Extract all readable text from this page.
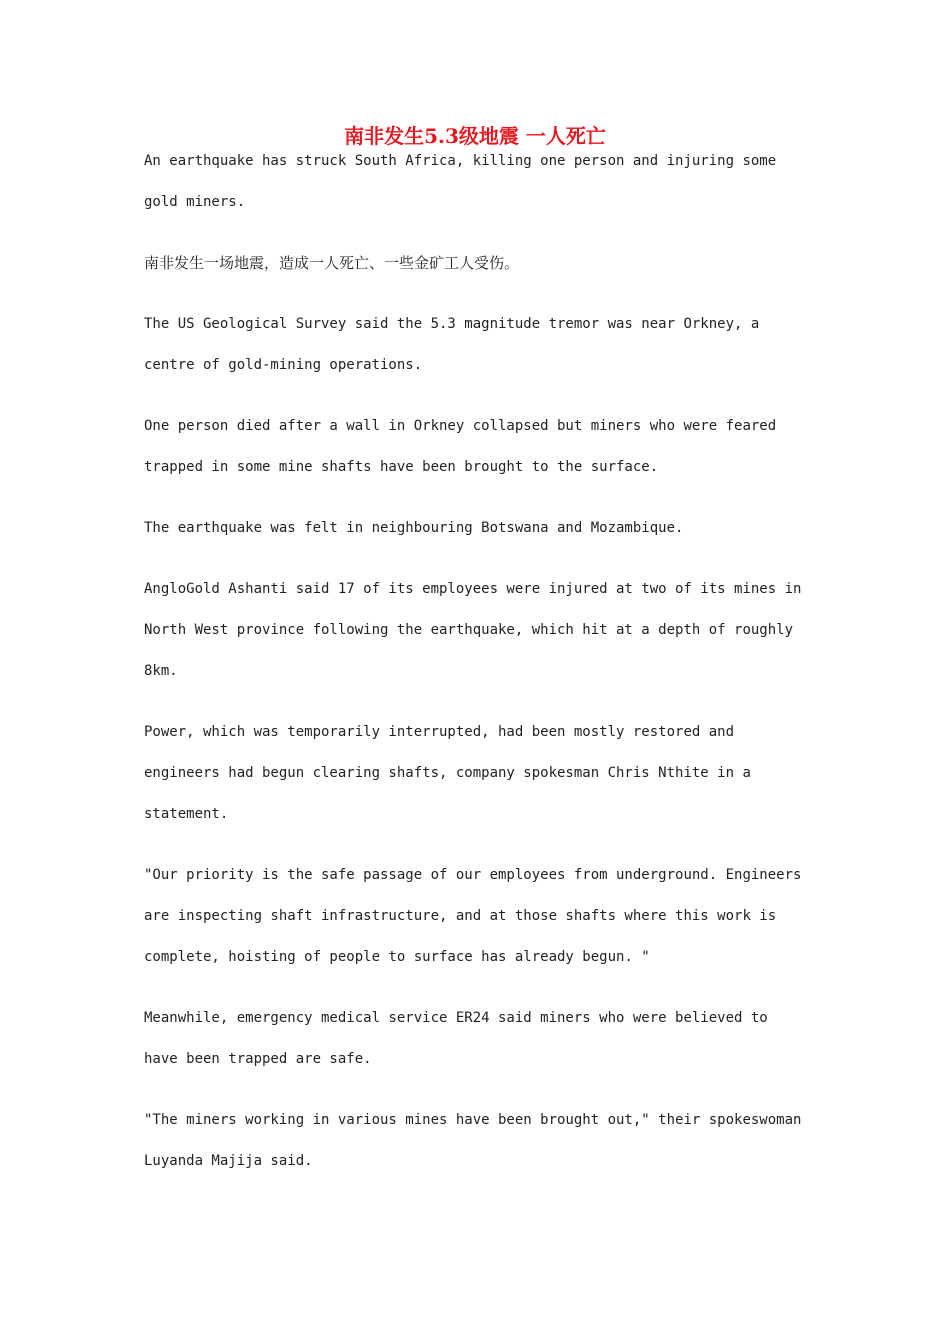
南非发生5.3级地震 一人死亡

An earthquake has struck South Africa, killing one person and injuring some gold miners.

南非发生一场地震，造成一人死亡、一些金矿工人受伤。

The US Geological Survey said the 5.3 magnitude tremor was near Orkney, a centre of gold-mining operations.

One person died after a wall in Orkney collapsed but miners who were feared trapped in some mine shafts have been brought to the surface.

The earthquake was felt in neighbouring Botswana and Mozambique.

AngloGold Ashanti said 17 of its employees were injured at two of its mines in North West province following the earthquake, which hit at a depth of roughly 8km.

Power, which was temporarily interrupted, had been mostly restored and engineers had begun clearing shafts, company spokesman Chris Nthite in a statement.

"Our priority is the safe passage of our employees from underground. Engineers are inspecting shaft infrastructure, and at those shafts where this work is complete, hoisting of people to surface has already begun. "

Meanwhile, emergency medical service ER24 said miners who were believed to have been trapped are safe.

"The miners working in various mines have been brought out," their spokeswoman Luyanda Majija said.
